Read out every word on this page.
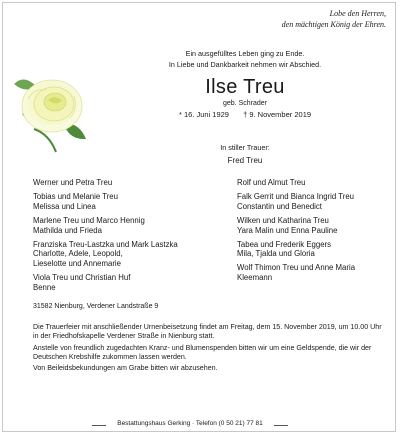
Lobe den Herren,
den mächtigen König der Ehren.
Ein ausgefülltes Leben ging zu Ende.
In Liebe und Dankbarkeit nehmen wir Abschied.
Ilse Treu
geb. Schrader
* 16. Juni 1929 † 9. November 2019
In stiller Trauer:
Fred Treu
Werner und Petra Treu
Tobias und Melanie Treu
Melissa und Linea
Marlene Treu und Marco Hennig
Mathilda und Frieda
Franziska Treu-Lastzka und Mark Lastzka
Charlotte, Adele, Leopold,
Lieselotte und Annemarie
Viola Treu und Christian Huf
Benne
Rolf und Almut Treu
Falk Gerrit und Bianca Ingrid Treu
Constantin und Benedict
Wilken und Katharina Treu
Yara Malin und Enna Pauline
Tabea und Frederik Eggers
Mila, Tjalda und Gloria
Wolf Thimon Treu und Anne Maria
Kleemann
31582 Nienburg, Verdener Landstraße 9

Die Trauerfeier mit anschließender Urnenbeisetzung findet am Freitag, dem 15. November 2019, um 10.00 Uhr in der Friedhofskapelle Verdener Straße in Nienburg statt.

Anstelle von freundlich zugedachten Kranz- und Blumenspenden bitten wir um eine Geldspende, die wir der Deutschen Krebshilfe zukommen lassen werden.

Von Beileidsbekundungen am Grabe bitten wir abzusehen.

Bestattungshaus Gerking · Telefon (0 50 21) 77 81
